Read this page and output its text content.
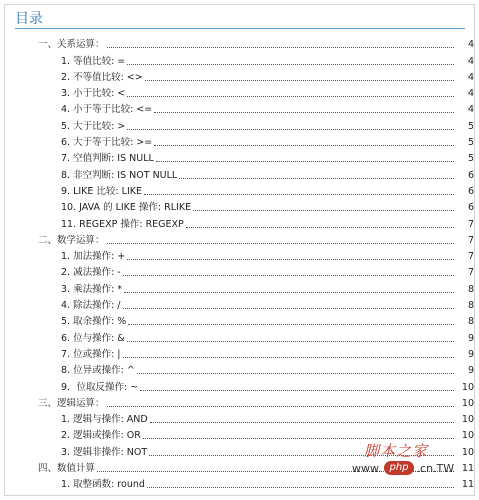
目录
一、关系运算：	4
1. 等值比较: =	4
2. 不等值比较: <>	4
3. 小于比较: <	4
4. 小于等于比较: <=	4
5. 大于比较: >	5
6. 大于等于比较: >=	5
7. 空值判断: IS NULL	5
8. 非空判断: IS NOT NULL	6
9. LIKE 比较: LIKE	6
10. JAVA 的 LIKE 操作: RLIKE	6
11. REGEXP 操作: REGEXP	7
二、数学运算：	7
1. 加法操作: +	7
2. 减法操作: -	7
3. 乘法操作: *	8
4. 除法操作: /	8
5. 取余操作: %	8
6. 位与操作: &	9
7. 位或操作: |	9
8. 位异或操作: ^	9
9．位取反操作: ~	10
三、逻辑运算：	10
1. 逻辑与操作: AND	10
2. 逻辑或操作: OR	10
3. 逻辑非操作: NOT	10
四、数值计算	11
1. 取整函数: round	11
脚本之家
www. php .cn.TW
